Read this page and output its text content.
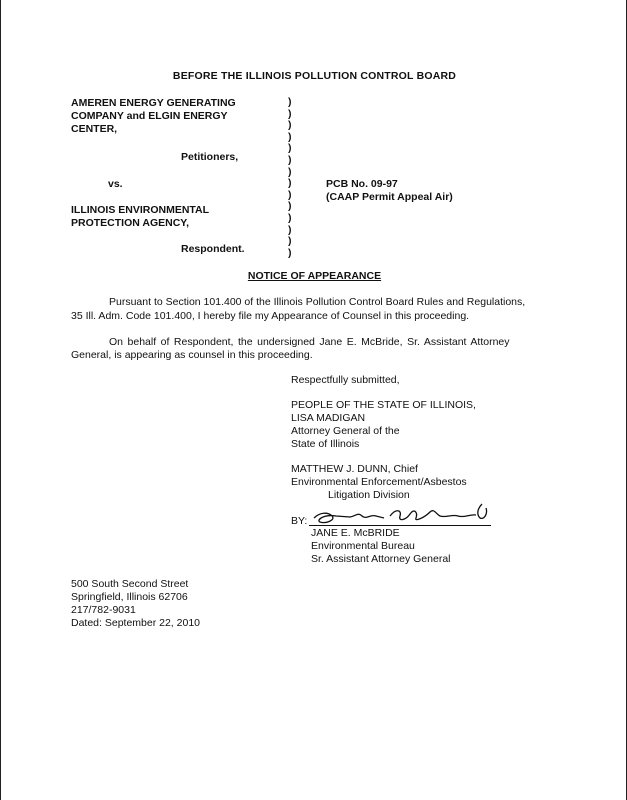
BEFORE THE ILLINOIS POLLUTION CONTROL BOARD
AMEREN ENERGY GENERATING
COMPANY and ELGIN ENERGY
CENTER,
Petitioners,
vs.
ILLINOIS ENVIRONMENTAL
PROTECTION AGENCY,
Respondent.
)
)
)
)
)
)
)
)
)
)
)
)
)
)
PCB No. 09-97
(CAAP Permit Appeal Air)
NOTICE OF APPEARANCE
Pursuant to Section 101.400 of the Illinois Pollution Control Board Rules and Regulations,
35 Ill. Adm. Code 101.400, I hereby file my Appearance of Counsel in this proceeding.
On behalf of Respondent, the undersigned Jane E. McBride, Sr. Assistant Attorney
General, is appearing as counsel in this proceeding.
Respectfully submitted,
PEOPLE OF THE STATE OF ILLINOIS,
LISA MADIGAN
Attorney General of the
State of Illinois
MATTHEW J. DUNN, Chief
Environmental Enforcement/Asbestos
Litigation Division
BY:
JANE E. McBRIDE
Environmental Bureau
Sr. Assistant Attorney General
500 South Second Street
Springfield, Illinois 62706
217/782-9031
Dated: September 22, 2010
